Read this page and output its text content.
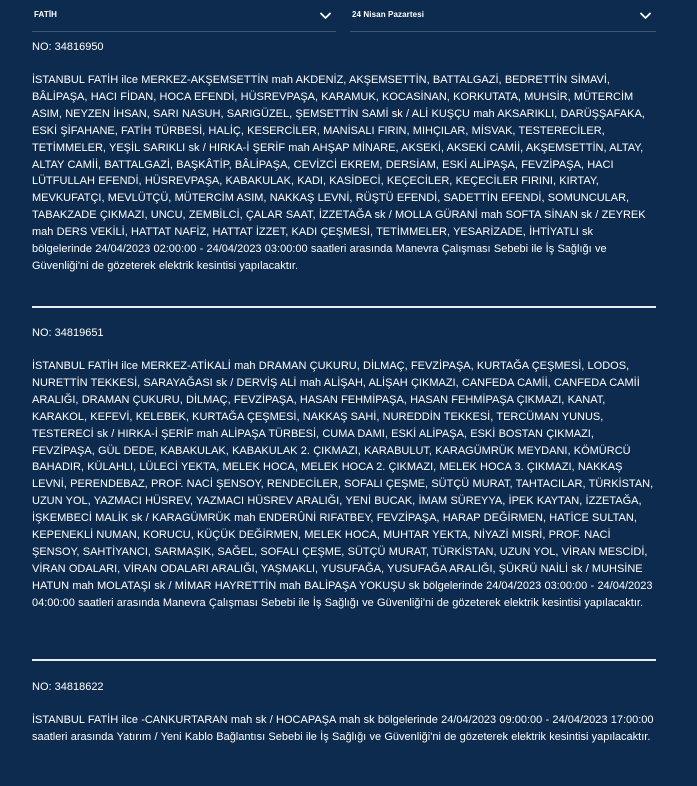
FATİH	24 Nisan Pazartesi
NO: 34816950
İSTANBUL FATİH ilce MERKEZ-AKŞEMSETTİN mah AKDENİZ, AKŞEMSETTİN, BATTALGAZİ, BEDRETTİN SİMAVİ, BÂLİPAŞA, HACI FİDAN, HOCA EFENDİ, HÜSREVPAŞA, KARAMUK, KOCASİNAN, KORKUTATA, MUHSİR, MÜTERCİM ASIM, NEYZEN İHSAN, SARI NASUH, SARIGÜZEL, ŞEMSETTİN SAMİ sk / ALİ KUŞÇU mah AKSARIKLI, DARÜŞŞAFAKA, ESKİ ŞİFAHANE, FATİH TÜRBESİ, HALİÇ, KESERCİLER, MANİSALI FIRIN, MIHÇILAR, MİSVAK, TESTERECİLER, TETİMMELER, YEŞİL SARIKLI sk / HIRKA-İ ŞERİF mah AHŞAP MİNARE, AKSEKİ, AKSEKİ CAMİİ, AKŞEMSETTİN, ALTAY, ALTAY CAMİİ, BATTALGAZİ, BAŞKÂTİP, BÂLİPAŞA, CEVİZCİ EKREM, DERSİAM, ESKİ ALİPAŞA, FEVZİPAŞA, HACI LÜTFULLAH EFENDİ, HÜSREVPAŞA, KABAKULAK, KADI, KASİDECİ, KEÇECİLER, KEÇECİLER FIRINI, KIRTAY, MEVKUFATÇI, MEVLÜTÇÜ, MÜTERCİM ASIM, NAKKAŞ LEVNİ, RÜŞTÜ EFENDİ, SADETTİN EFENDİ, SOMUNCULAR, TABAKZADE ÇIKMAZI, UNCU, ZEMBİLCİ, ÇALAR SAAT, İZZETAĞA sk / MOLLA GÜRANİ mah SOFTA SİNAN sk / ZEYREK mah DERS VEKİLİ, HATTAT NAFİZ, HATTAT İZZET, KADI ÇEŞMESİ, TETİMMELER, YESARİZADE, İHTİYATLI sk bölgelerinde 24/04/2023 02:00:00 - 24/04/2023 03:00:00 saatleri arasında Manevra Çalışması Sebebi ile İş Sağlığı ve Güvenliği'ni de gözeterek elektrik kesintisi yapılacaktır.
NO: 34819651
İSTANBUL FATİH ilce MERKEZ-ATİKALİ mah DRAMAN ÇUKURU, DİLMAÇ, FEVZİPAŞA, KURTAĞA ÇEŞMESİ, LODOS, NURETTİN TEKKESİ, SARAYAĞASI sk / DERVİŞ ALİ mah ALİŞAH, ALİŞAH ÇIKMAZI, CANFEDA CAMİİ, CANFEDA CAMİİ ARALIĞI, DRAMAN ÇUKURU, DİLMAÇ, FEVZİPAŞA, HASAN FEHMİPAŞA, HASAN FEHMİPAŞA ÇIKMAZI, KANAT, KARAKOL, KEFEVİ, KELEBEK, KURTAĞA ÇEŞMESİ, NAKKAŞ SAHİ, NUREDDİN TEKKESİ, TERCÜMAN YUNUS, TESTERECİ sk / HIRKA-İ ŞERİF mah ALİPAŞA TÜRBESİ, CUMA DAMI, ESKİ ALİPAŞA, ESKİ BOSTAN ÇIKMAZI, FEVZİPAŞA, GÜL DEDE, KABAKULAK, KABAKULAK 2. ÇIKMAZI, KARABULUT, KARAGÜMRÜK MEYDANI, KÖMÜRCÜ BAHADIR, KÜLAHLI, LÜLECİ YEKTA, MELEK HOCA, MELEK HOCA 2. ÇIKMAZI, MELEK HOCA 3. ÇIKMAZI, NAKKAŞ LEVNİ, PERENDEBAZ, PROF. NACİ ŞENSOY, RENDECİLER, SOFALI ÇEŞME, SÜTÇÜ MURAT, TAHTACILAR, TÜRKİSTAN, UZUN YOL, YAZMACI HÜSREV, YAZMACI HÜSREV ARALIĞI, YENİ BUCAK, İMAM SÜREYYA, İPEK KAYTAN, İZZETAĞA, İŞKEMBECİ MALİK sk / KARAGÜMRÜK mah ENDERÛNİ RIFATBEY, FEVZİPAŞA, HARAP DEĞİRMEN, HATİCE SULTAN, KEPENEKLİ NUMAN, KORUCU, KÜÇÜK DEĞİRMEN, MELEK HOCA, MUHTAR YEKTA, NİYAZİ MISRİ, PROF. NACİ ŞENSOY, SAHTİYANCI, SARMAŞIK, SAĞEL, SOFALI ÇEŞME, SÜTÇÜ MURAT, TÜRKİSTAN, UZUN YOL, VİRAN MESCİDİ, VİRAN ODALARI, VİRAN ODALARI ARALIĞI, YAŞMAKLI, YUSUFAĞA, YUSUFAĞA ARALIĞI, ŞÜKRÜ NAİLİ sk / MUHSİNE HATUN mah MOLATAŞI sk / MİMAR HAYRETTİN mah BALİPAŞA YOKUŞU sk bölgelerinde 24/04/2023 03:00:00 - 24/04/2023 04:00:00 saatleri arasında Manevra Çalışması Sebebi ile İş Sağlığı ve Güvenliği'ni de gözeterek elektrik kesintisi yapılacaktır.
NO: 34818622
İSTANBUL FATİH ilce -CANKURTARAN mah sk / HOCAPAŞA mah sk bölgelerinde 24/04/2023 09:00:00 - 24/04/2023 17:00:00 saatleri arasında Yatırım / Yeni Kablo Bağlantısı Sebebi ile İş Sağlığı ve Güvenliği'ni de gözeterek elektrik kesintisi yapılacaktır.
